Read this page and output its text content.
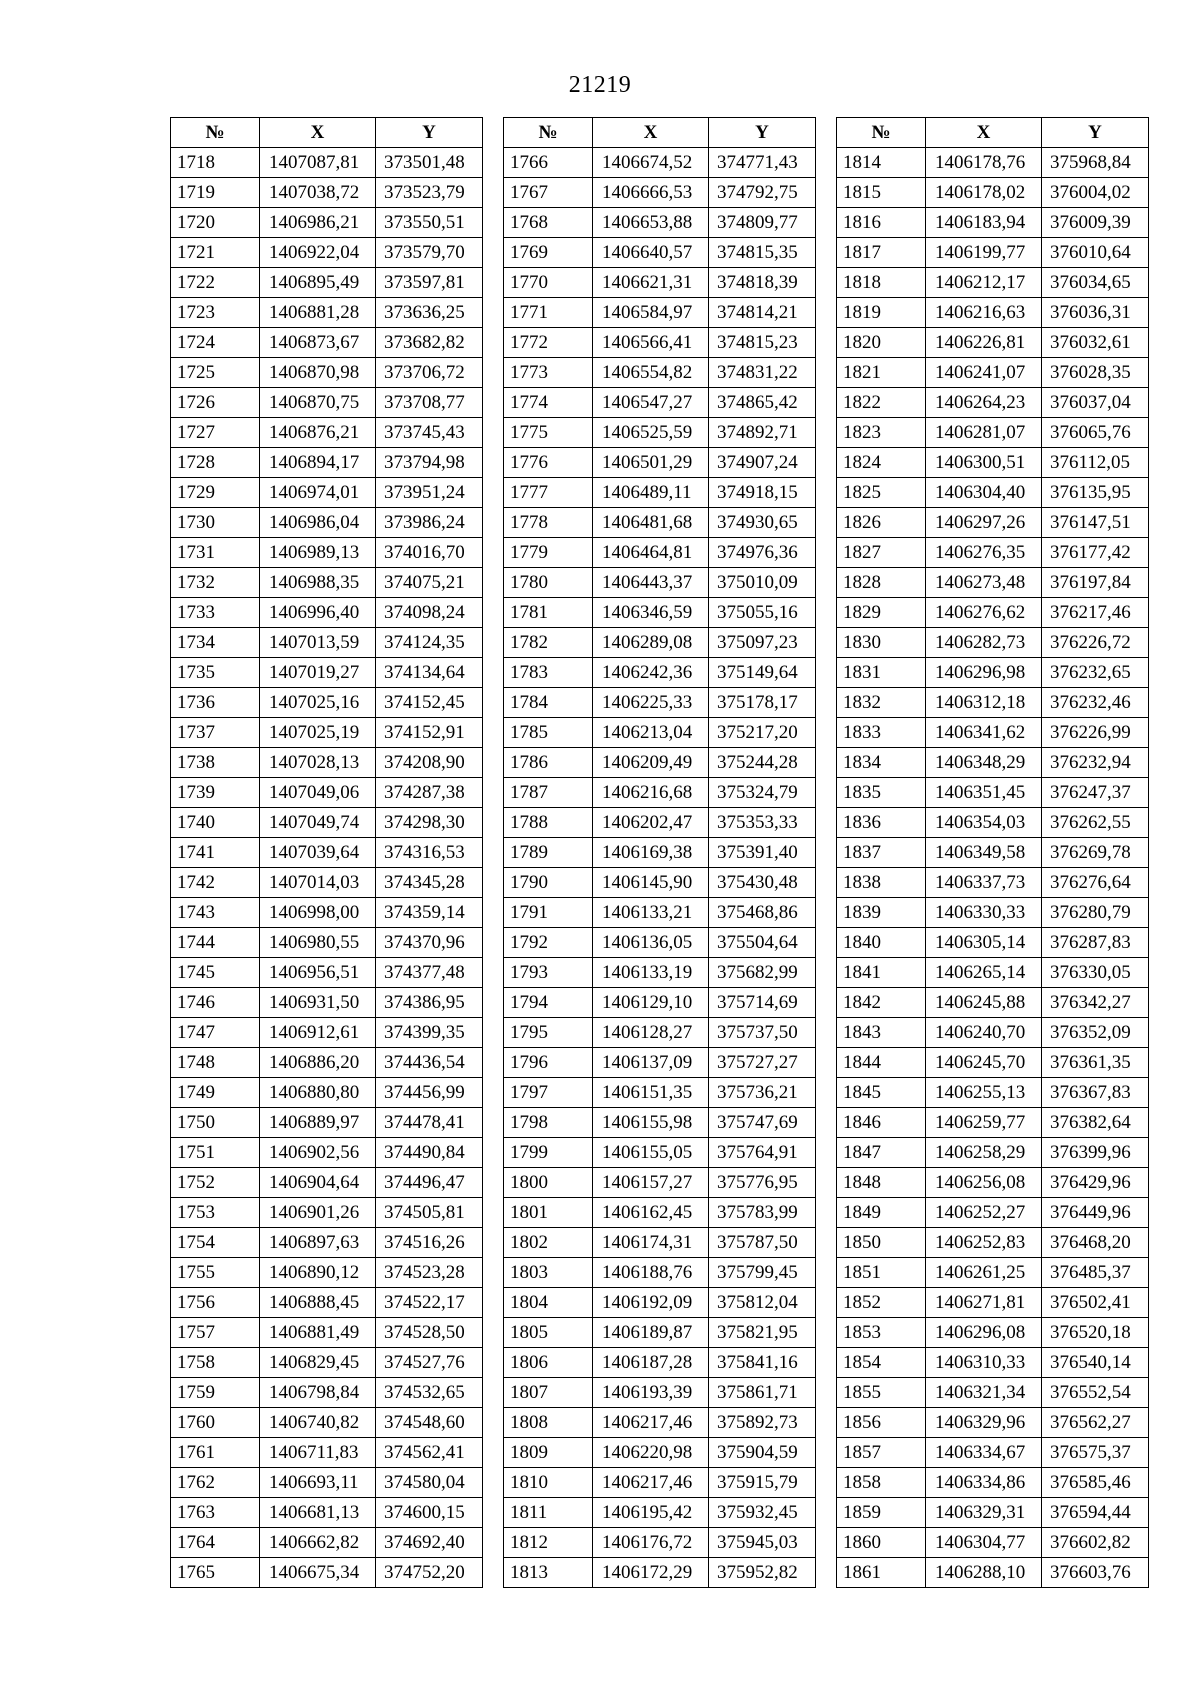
21219
№	X	Y
1718	1407087,81	373501,48
1719	1407038,72	373523,79
1720	1406986,21	373550,51
1721	1406922,04	373579,70
1722	1406895,49	373597,81
1723	1406881,28	373636,25
1724	1406873,67	373682,82
1725	1406870,98	373706,72
1726	1406870,75	373708,77
1727	1406876,21	373745,43
1728	1406894,17	373794,98
1729	1406974,01	373951,24
1730	1406986,04	373986,24
1731	1406989,13	374016,70
1732	1406988,35	374075,21
1733	1406996,40	374098,24
1734	1407013,59	374124,35
1735	1407019,27	374134,64
1736	1407025,16	374152,45
1737	1407025,19	374152,91
1738	1407028,13	374208,90
1739	1407049,06	374287,38
1740	1407049,74	374298,30
1741	1407039,64	374316,53
1742	1407014,03	374345,28
1743	1406998,00	374359,14
1744	1406980,55	374370,96
1745	1406956,51	374377,48
1746	1406931,50	374386,95
1747	1406912,61	374399,35
1748	1406886,20	374436,54
1749	1406880,80	374456,99
1750	1406889,97	374478,41
1751	1406902,56	374490,84
1752	1406904,64	374496,47
1753	1406901,26	374505,81
1754	1406897,63	374516,26
1755	1406890,12	374523,28
1756	1406888,45	374522,17
1757	1406881,49	374528,50
1758	1406829,45	374527,76
1759	1406798,84	374532,65
1760	1406740,82	374548,60
1761	1406711,83	374562,41
1762	1406693,11	374580,04
1763	1406681,13	374600,15
1764	1406662,82	374692,40
1765	1406675,34	374752,20
№	X	Y
1766	1406674,52	374771,43
1767	1406666,53	374792,75
1768	1406653,88	374809,77
1769	1406640,57	374815,35
1770	1406621,31	374818,39
1771	1406584,97	374814,21
1772	1406566,41	374815,23
1773	1406554,82	374831,22
1774	1406547,27	374865,42
1775	1406525,59	374892,71
1776	1406501,29	374907,24
1777	1406489,11	374918,15
1778	1406481,68	374930,65
1779	1406464,81	374976,36
1780	1406443,37	375010,09
1781	1406346,59	375055,16
1782	1406289,08	375097,23
1783	1406242,36	375149,64
1784	1406225,33	375178,17
1785	1406213,04	375217,20
1786	1406209,49	375244,28
1787	1406216,68	375324,79
1788	1406202,47	375353,33
1789	1406169,38	375391,40
1790	1406145,90	375430,48
1791	1406133,21	375468,86
1792	1406136,05	375504,64
1793	1406133,19	375682,99
1794	1406129,10	375714,69
1795	1406128,27	375737,50
1796	1406137,09	375727,27
1797	1406151,35	375736,21
1798	1406155,98	375747,69
1799	1406155,05	375764,91
1800	1406157,27	375776,95
1801	1406162,45	375783,99
1802	1406174,31	375787,50
1803	1406188,76	375799,45
1804	1406192,09	375812,04
1805	1406189,87	375821,95
1806	1406187,28	375841,16
1807	1406193,39	375861,71
1808	1406217,46	375892,73
1809	1406220,98	375904,59
1810	1406217,46	375915,79
1811	1406195,42	375932,45
1812	1406176,72	375945,03
1813	1406172,29	375952,82
№	X	Y
1814	1406178,76	375968,84
1815	1406178,02	376004,02
1816	1406183,94	376009,39
1817	1406199,77	376010,64
1818	1406212,17	376034,65
1819	1406216,63	376036,31
1820	1406226,81	376032,61
1821	1406241,07	376028,35
1822	1406264,23	376037,04
1823	1406281,07	376065,76
1824	1406300,51	376112,05
1825	1406304,40	376135,95
1826	1406297,26	376147,51
1827	1406276,35	376177,42
1828	1406273,48	376197,84
1829	1406276,62	376217,46
1830	1406282,73	376226,72
1831	1406296,98	376232,65
1832	1406312,18	376232,46
1833	1406341,62	376226,99
1834	1406348,29	376232,94
1835	1406351,45	376247,37
1836	1406354,03	376262,55
1837	1406349,58	376269,78
1838	1406337,73	376276,64
1839	1406330,33	376280,79
1840	1406305,14	376287,83
1841	1406265,14	376330,05
1842	1406245,88	376342,27
1843	1406240,70	376352,09
1844	1406245,70	376361,35
1845	1406255,13	376367,83
1846	1406259,77	376382,64
1847	1406258,29	376399,96
1848	1406256,08	376429,96
1849	1406252,27	376449,96
1850	1406252,83	376468,20
1851	1406261,25	376485,37
1852	1406271,81	376502,41
1853	1406296,08	376520,18
1854	1406310,33	376540,14
1855	1406321,34	376552,54
1856	1406329,96	376562,27
1857	1406334,67	376575,37
1858	1406334,86	376585,46
1859	1406329,31	376594,44
1860	1406304,77	376602,82
1861	1406288,10	376603,76
